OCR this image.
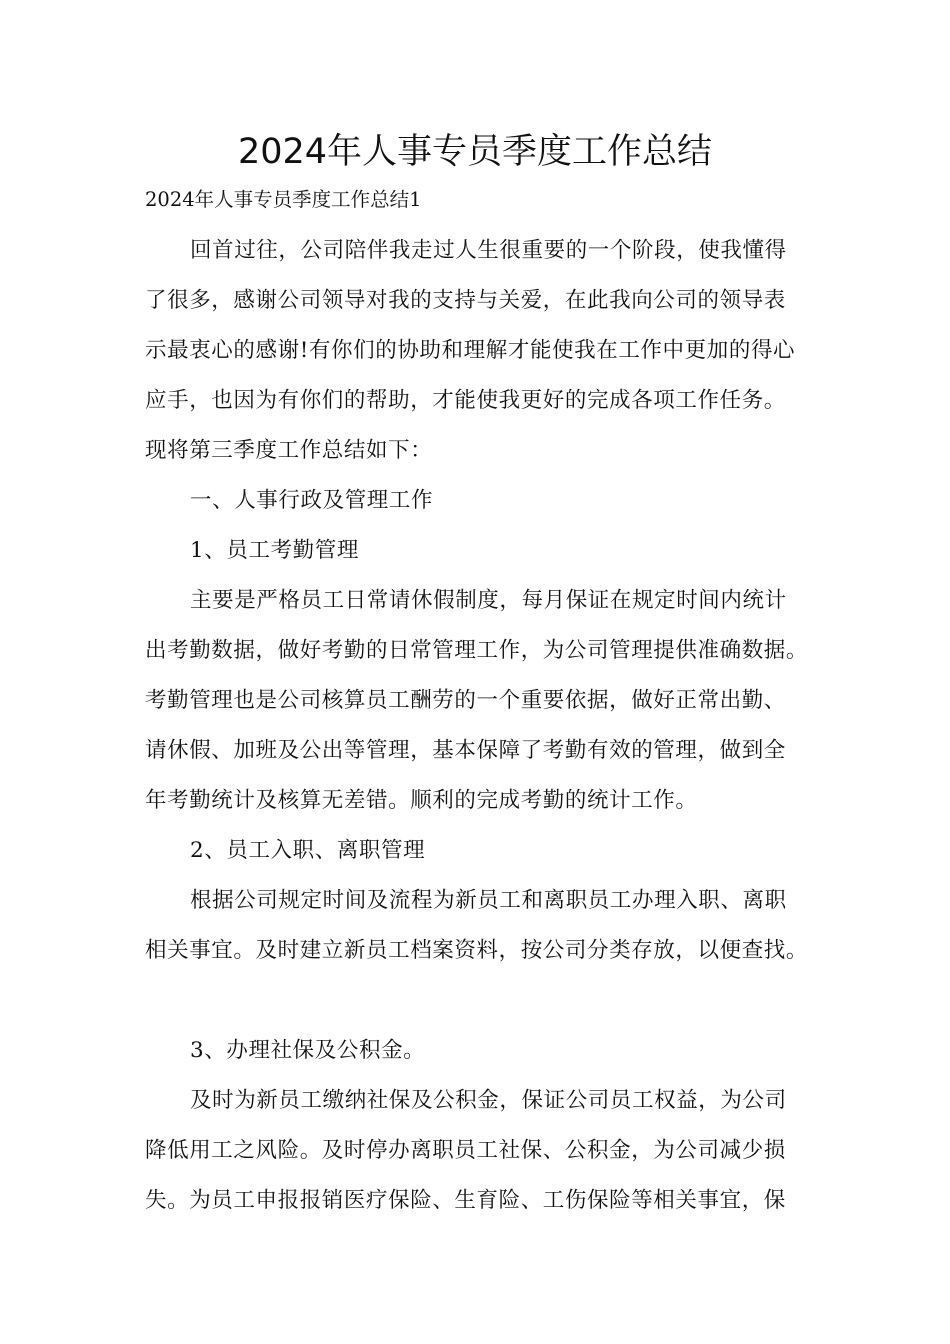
2024年人事专员季度工作总结
2024年人事专员季度工作总结1
回首过往，公司陪伴我走过人生很重要的一个阶段，使我懂得
了很多，感谢公司领导对我的支持与关爱，在此我向公司的领导表
示最衷心的感谢!有你们的协助和理解才能使我在工作中更加的得心
应手，也因为有你们的帮助，才能使我更好的完成各项工作任务。
现将第三季度工作总结如下：
一、人事行政及管理工作
1、员工考勤管理
主要是严格员工日常请休假制度，每月保证在规定时间内统计
出考勤数据，做好考勤的日常管理工作，为公司管理提供准确数据。
考勤管理也是公司核算员工酬劳的一个重要依据，做好正常出勤、
请休假、加班及公出等管理，基本保障了考勤有效的管理，做到全
年考勤统计及核算无差错。顺利的完成考勤的统计工作。
2、员工入职、离职管理
根据公司规定时间及流程为新员工和离职员工办理入职、离职
相关事宜。及时建立新员工档案资料，按公司分类存放，以便查找。
3、办理社保及公积金。
及时为新员工缴纳社保及公积金，保证公司员工权益，为公司
降低用工之风险。及时停办离职员工社保、公积金，为公司减少损
失。为员工申报报销医疗保险、生育险、工伤保险等相关事宜，保
